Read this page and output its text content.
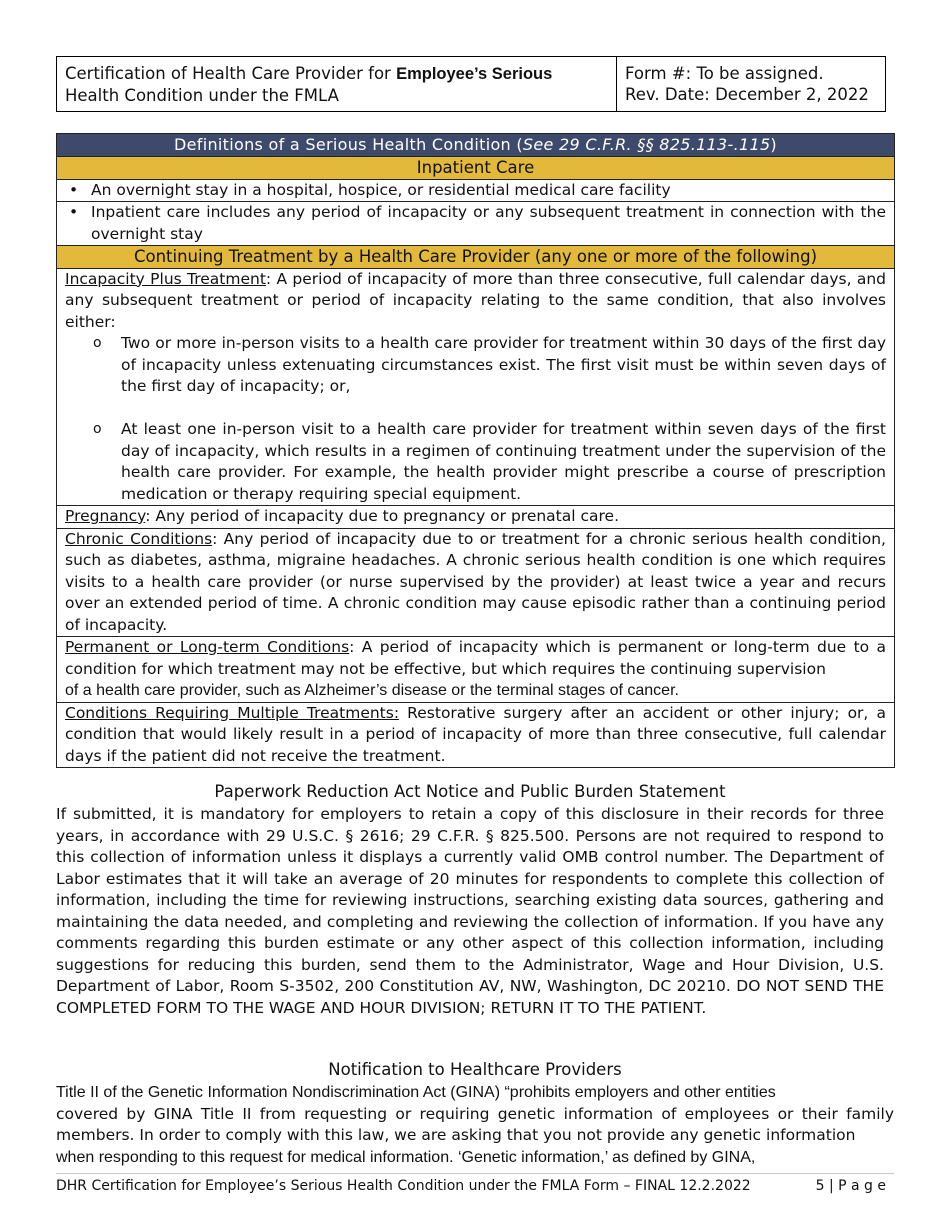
Certification of Health Care Provider for Employee’s Serious
Health Condition under the FMLA
Form #: To be assigned.
Rev. Date: December 2, 2022
Definitions of a Serious Health Condition (See 29 C.F.R. §§ 825.113-.115)
Inpatient Care

• An overnight stay in a hospital, hospice, or residential medical care facility

• Inpatient care includes any period of incapacity or any subsequent treatment in connection with the overnight stay
Continuing Treatment by a Health Care Provider (any one or more of the following)
Incapacity Plus Treatment: A period of incapacity of more than three consecutive, full calendar days, and any subsequent treatment or period of incapacity relating to the same condition, that also involves either:
o Two or more in-person visits to a health care provider for treatment within 30 days of the first day of incapacity unless extenuating circumstances exist. The first visit must be within seven days of the first day of incapacity; or,
o At least one in-person visit to a health care provider for treatment within seven days of the first day of incapacity, which results in a regimen of continuing treatment under the supervision of the health care provider. For example, the health provider might prescribe a course of prescription medication or therapy requiring special equipment.

Pregnancy: Any period of incapacity due to pregnancy or prenatal care.
Chronic Conditions: Any period of incapacity due to or treatment for a chronic serious health condition, such as diabetes, asthma, migraine headaches. A chronic serious health condition is one which requires visits to a health care provider (or nurse supervised by the provider) at least twice a year and recurs over an extended period of time. A chronic condition may cause episodic rather than a continuing period of incapacity.
Permanent or Long-term Conditions: A period of incapacity which is permanent or long-term due to a condition for which treatment may not be effective, but which requires the continuing supervision
of a health care provider, such as Alzheimer’s disease or the terminal stages of cancer.
Conditions Requiring Multiple Treatments: Restorative surgery after an accident or other injury; or, a condition that would likely result in a period of incapacity of more than three consecutive, full calendar days if the patient did not receive the treatment.
Paperwork Reduction Act Notice and Public Burden Statement

If submitted, it is mandatory for employers to retain a copy of this disclosure in their records for three years, in accordance with 29 U.S.C. § 2616; 29 C.F.R. § 825.500. Persons are not required to respond to this collection of information unless it displays a currently valid OMB control number. The Department of Labor estimates that it will take an average of 20 minutes for respondents to complete this collection of information, including the time for reviewing instructions, searching existing data sources, gathering and maintaining the data needed, and completing and reviewing the collection of information. If you have any comments regarding this burden estimate or any other aspect of this collection information, including suggestions for reducing this burden, send them to the Administrator, Wage and Hour Division, U.S. Department of Labor, Room S-3502, 200 Constitution AV, NW, Washington, DC 20210. DO NOT SEND THE COMPLETED FORM TO THE WAGE AND HOUR DIVISION; RETURN IT TO THE PATIENT.

Notification to Healthcare Providers

Title II of the Genetic Information Nondiscrimination Act (GINA) “prohibits employers and other entities

covered by GINA Title II from requesting or requiring genetic information of employees or their family members. In order to comply with this law, we are asking that you not provide any genetic information

when responding to this request for medical information. ‘Genetic information,’ as defined by GINA,

DHR Certification for Employee’s Serious Health Condition under the FMLA Form – FINAL 12.2.2022	5 | P a g e
